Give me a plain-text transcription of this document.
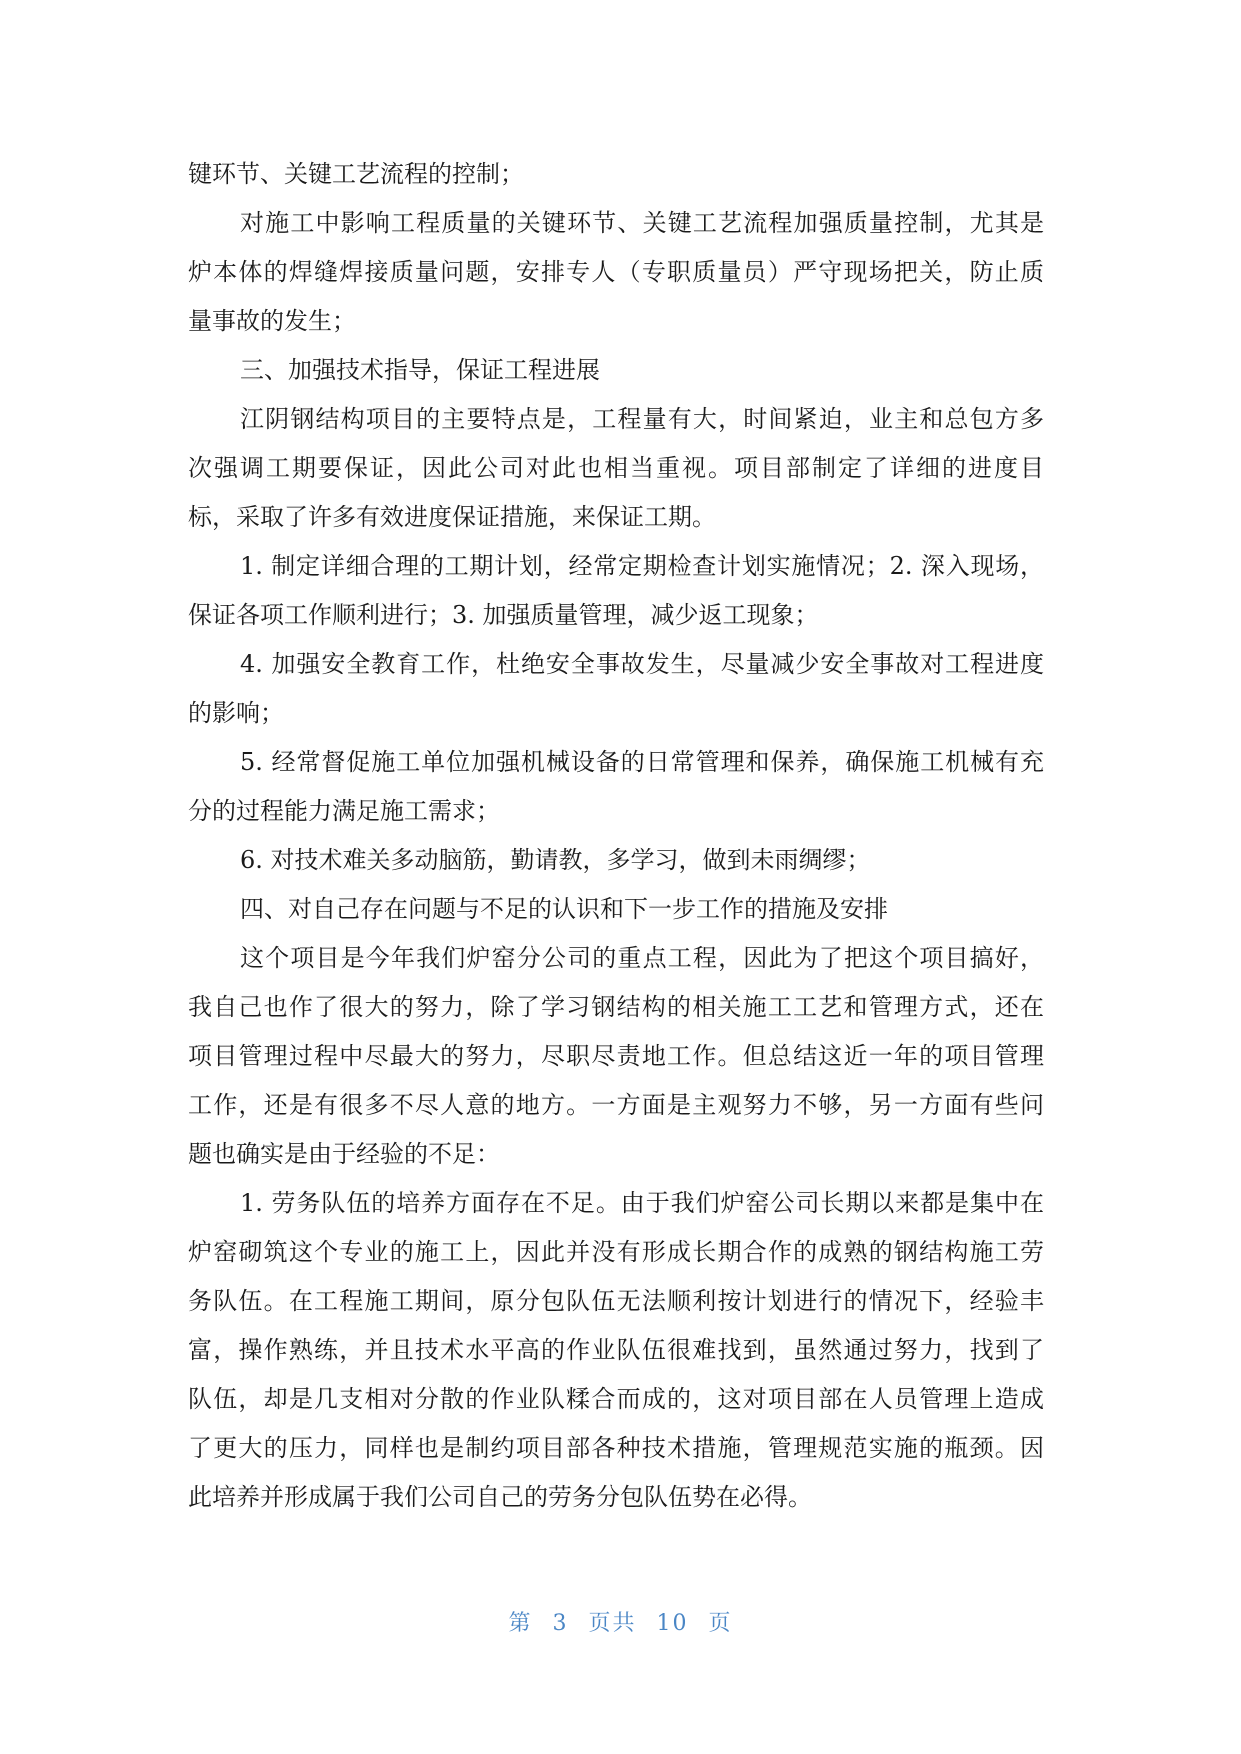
键环节、关键工艺流程的控制；
对施工中影响工程质量的关键环节、关键工艺流程加强质量控制，尤其是
炉本体的焊缝焊接质量问题，安排专人（专职质量员）严守现场把关，防止质
量事故的发生；
三、加强技术指导，保证工程进展
江阴钢结构项目的主要特点是，工程量有大，时间紧迫，业主和总包方多
次强调工期要保证，因此公司对此也相当重视。项目部制定了详细的进度目
标，采取了许多有效进度保证措施，来保证工期。
1. 制定详细合理的工期计划，经常定期检查计划实施情况；2. 深入现场，
保证各项工作顺利进行；3. 加强质量管理，减少返工现象；
4. 加强安全教育工作，杜绝安全事故发生，尽量减少安全事故对工程进度
的影响；
5. 经常督促施工单位加强机械设备的日常管理和保养，确保施工机械有充
分的过程能力满足施工需求；
6. 对技术难关多动脑筋，勤请教，多学习，做到未雨绸缪；
四、对自己存在问题与不足的认识和下一步工作的措施及安排
这个项目是今年我们炉窑分公司的重点工程，因此为了把这个项目搞好，
我自己也作了很大的努力，除了学习钢结构的相关施工工艺和管理方式，还在
项目管理过程中尽最大的努力，尽职尽责地工作。但总结这近一年的项目管理
工作，还是有很多不尽人意的地方。一方面是主观努力不够，另一方面有些问
题也确实是由于经验的不足：
1. 劳务队伍的培养方面存在不足。由于我们炉窑公司长期以来都是集中在
炉窑砌筑这个专业的施工上，因此并没有形成长期合作的成熟的钢结构施工劳
务队伍。在工程施工期间，原分包队伍无法顺利按计划进行的情况下，经验丰
富，操作熟练，并且技术水平高的作业队伍很难找到，虽然通过努力，找到了
队伍，却是几支相对分散的作业队糅合而成的，这对项目部在人员管理上造成
了更大的压力，同样也是制约项目部各种技术措施，管理规范实施的瓶颈。因
此培养并形成属于我们公司自己的劳务分包队伍势在必得。
第 3 页共 10 页
